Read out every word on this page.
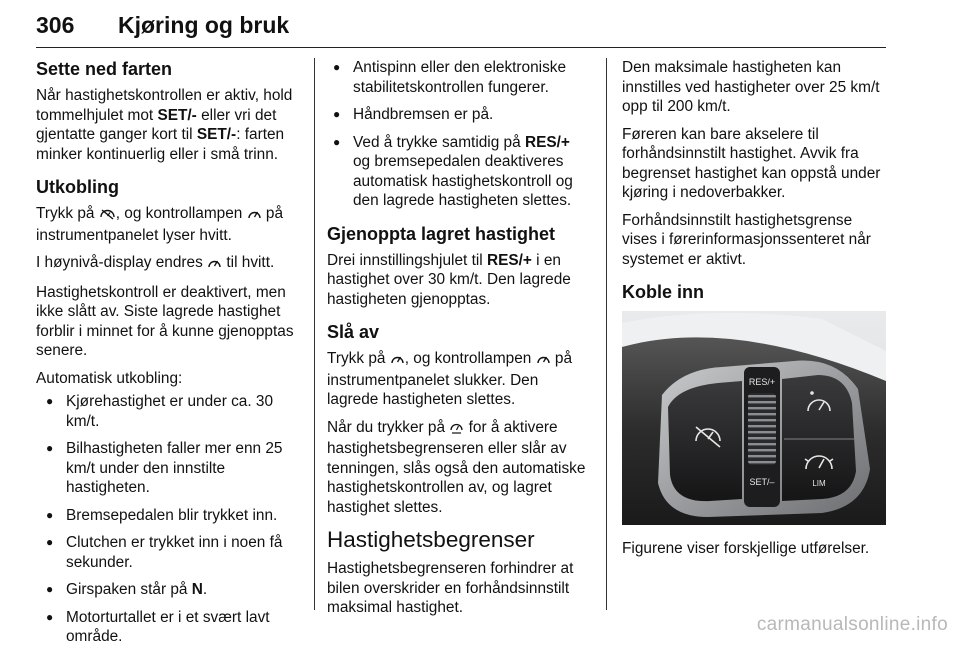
306 Kjøring og bruk
Sette ned farten

Når hastighetskontrollen er aktiv, hold tommelhjulet mot SET/- eller vri det gjentatte ganger kort til SET/-: farten minker kontinuerlig eller i små trinn.

Utkobling

Trykk på , og kontrollampen  på instrumentpanelet lyser hvitt.

I høynivå-display endres  til hvitt.

Hastighetskontroll er deaktivert, men ikke slått av. Siste lagrede hastighet forblir i minnet for å kunne gjenopptas senere.

Automatisk utkobling:

● Kjørehastighet er under ca. 30 km/t.
● Bilhastigheten faller mer enn 25 km/t under den innstilte hastigheten.
● Bremsepedalen blir trykket inn.
● Clutchen er trykket inn i noen få sekunder.
● Girspaken står på N.
● Motorturtallet er i et svært lavt område.
● Antispinn eller den elektroniske stabilitetskontrollen fungerer.
● Håndbremsen er på.
● Ved å trykke samtidig på RES/+ og bremsepedalen deaktiveres automatisk hastighetskontroll og den lagrede hastigheten slettes.
Gjenoppta lagret hastighet

Drei innstillingshjulet til RES/+ i en hastighet over 30 km/t. Den lagrede hastigheten gjenopptas.

Slå av

Trykk på , og kontrollampen  på instrumentpanelet slukker. Den lagrede hastigheten slettes.

Når du trykker på  for å aktivere hastighetsbegrenseren eller slår av tenningen, slås også den automatiske hastighetskontrollen av, og lagret hastighet slettes.

Hastighetsbegrenser

Hastighetsbegrenseren forhindrer at bilen overskrider en forhåndsinnstilt maksimal hastighet.

Den maksimale hastigheten kan innstilles ved hastigheter over 25 km/t opp til 200 km/t.

Føreren kan bare akselere til forhåndsinnstilt hastighet. Avvik fra begrenset hastighet kan oppstå under kjøring i nedoverbakker.

Forhåndsinnstilt hastighetsgrense vises i førerinformasjonssenteret når systemet er aktivt.

Koble inn
RES/+
SET/–	LIM

Figurene viser forskjellige utførelser.

carmanualsonline.info
